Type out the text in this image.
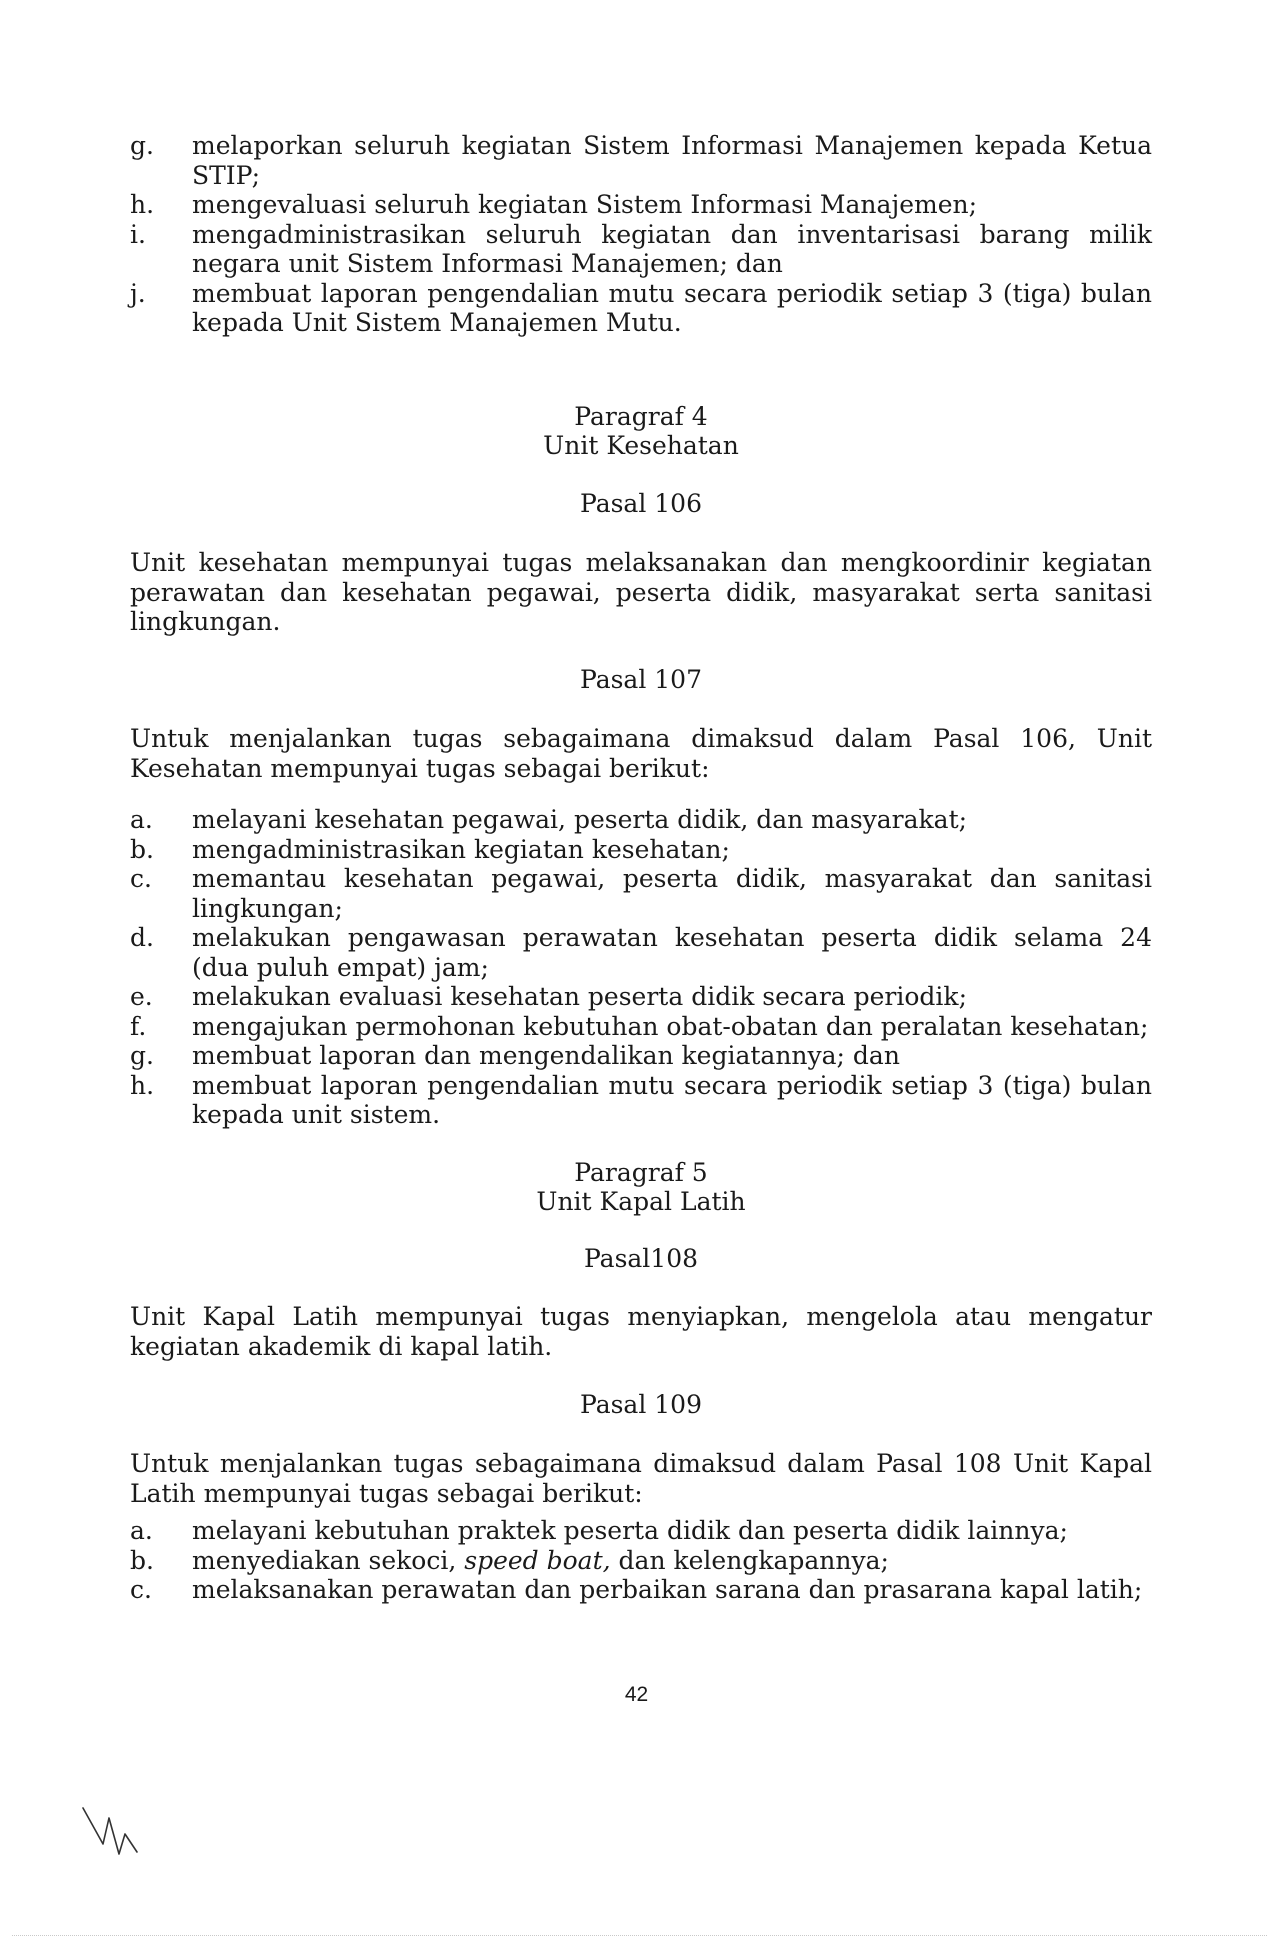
g.	melaporkan seluruh kegiatan Sistem Informasi Manajemen kepada Ketua STIP;
h.	mengevaluasi seluruh kegiatan Sistem Informasi Manajemen;
i.	mengadministrasikan seluruh kegiatan dan inventarisasi barang milik negara unit Sistem Informasi Manajemen; dan
j.	membuat laporan pengendalian mutu secara periodik setiap 3 (tiga) bulan kepada Unit Sistem Manajemen Mutu.
Paragraf 4
Unit Kesehatan
Pasal 106

Unit kesehatan mempunyai tugas melaksanakan dan mengkoordinir kegiatan perawatan dan kesehatan pegawai, peserta didik, masyarakat serta sanitasi lingkungan.

Pasal 107

Untuk menjalankan tugas sebagaimana dimaksud dalam Pasal 106, Unit Kesehatan mempunyai tugas sebagai berikut:

a.	melayani kesehatan pegawai, peserta didik, dan masyarakat;
b.	mengadministrasikan kegiatan kesehatan;
c.	memantau kesehatan pegawai, peserta didik, masyarakat dan sanitasi lingkungan;
d.	melakukan pengawasan perawatan kesehatan peserta didik selama 24 (dua puluh empat) jam;
e.	melakukan evaluasi kesehatan peserta didik secara periodik;
f.	mengajukan permohonan kebutuhan obat-obatan dan peralatan kesehatan;
g.	membuat laporan dan mengendalikan kegiatannya; dan
h.	membuat laporan pengendalian mutu secara periodik setiap 3 (tiga) bulan kepada unit sistem.
Paragraf 5
Unit Kapal Latih
Pasal108

Unit Kapal Latih mempunyai tugas menyiapkan, mengelola atau mengatur kegiatan akademik di kapal latih.

Pasal 109

Untuk menjalankan tugas sebagaimana dimaksud dalam Pasal 108 Unit Kapal Latih mempunyai tugas sebagai berikut:

a.	melayani kebutuhan praktek peserta didik dan peserta didik lainnya;
b.	menyediakan sekoci, speed boat, dan kelengkapannya;
c.	melaksanakan perawatan dan perbaikan sarana dan prasarana kapal latih;
42
